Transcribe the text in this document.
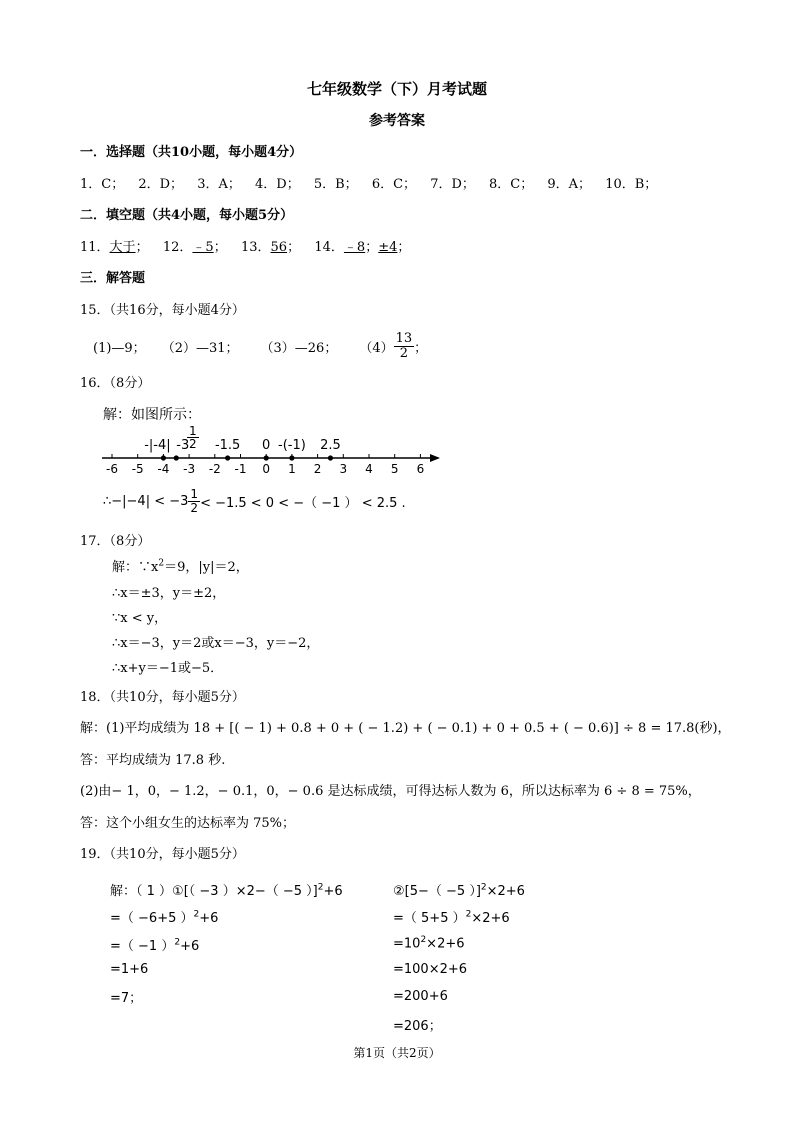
七年级数学（下）月考试题
参考答案
一．选择题（共10小题，每小题4分）
1．C； 2．D； 3．A； 4．D； 5．B； 6．C； 7．D； 8．C； 9．A； 10．B；
二．填空题（共4小题，每小题5分）
11．大于； 12．﹣5； 13．56； 14．﹣8；±4；
三．解答题
15．（共16分，每小题4分）
(1)—9； （2）—31； （3）—26； $(4) \frac{13}{2}$ ；
16．（8分）
解：如图所示：
-6 -5 -4 -3 -2 -1 0 1 2 3 4 5 6
-|-4| -3 -1.5 0 -(-1) 2.5
$\frac{1}{2}$
∴−|−4| < $-3 \frac{1}{2} < -1.5 < 0$ < −（ −1 ） < 2.5 .
17．（8分）
解：$\because x^2=9$，|y|＝2，
∴x＝±3，y＝±2，
∵x < y，
∴x＝−3，y＝2或x＝−3，y＝−2，
∴x+y＝−1或−5．
18．（共10分，每小题5分）
解：(1)平均成绩为 18 + [( − 1) + 0.8 + 0 + ( − 1.2) + ( − 0.1) + 0 + 0.5 + ( − 0.6)] ÷ 8 = 17.8(秒)，
答：平均成绩为 17.8 秒.
(2)由− 1，0，− 1.2，− 0.1，0，− 0.6 是达标成绩，可得达标人数为 6，所以达标率为 6 ÷ 8 = 75%，
答：这个小组女生的达标率为 75%；
19．（共10分，每小题5分）
解：（ 1 ）①[（ −3 ）×2−（ −5 ）]$^2$+6
=（ −6+5 ）$^2$+6
=（ −1 ）$^2$+6
=1+6
=7；
②[5−（ −5 ）]$^2$×2+6
=（ 5+5 ）$^2$×2+6
$=10^2\times 2+6$
=100×2+6
=200+6
=206；
第1页（共2页）
